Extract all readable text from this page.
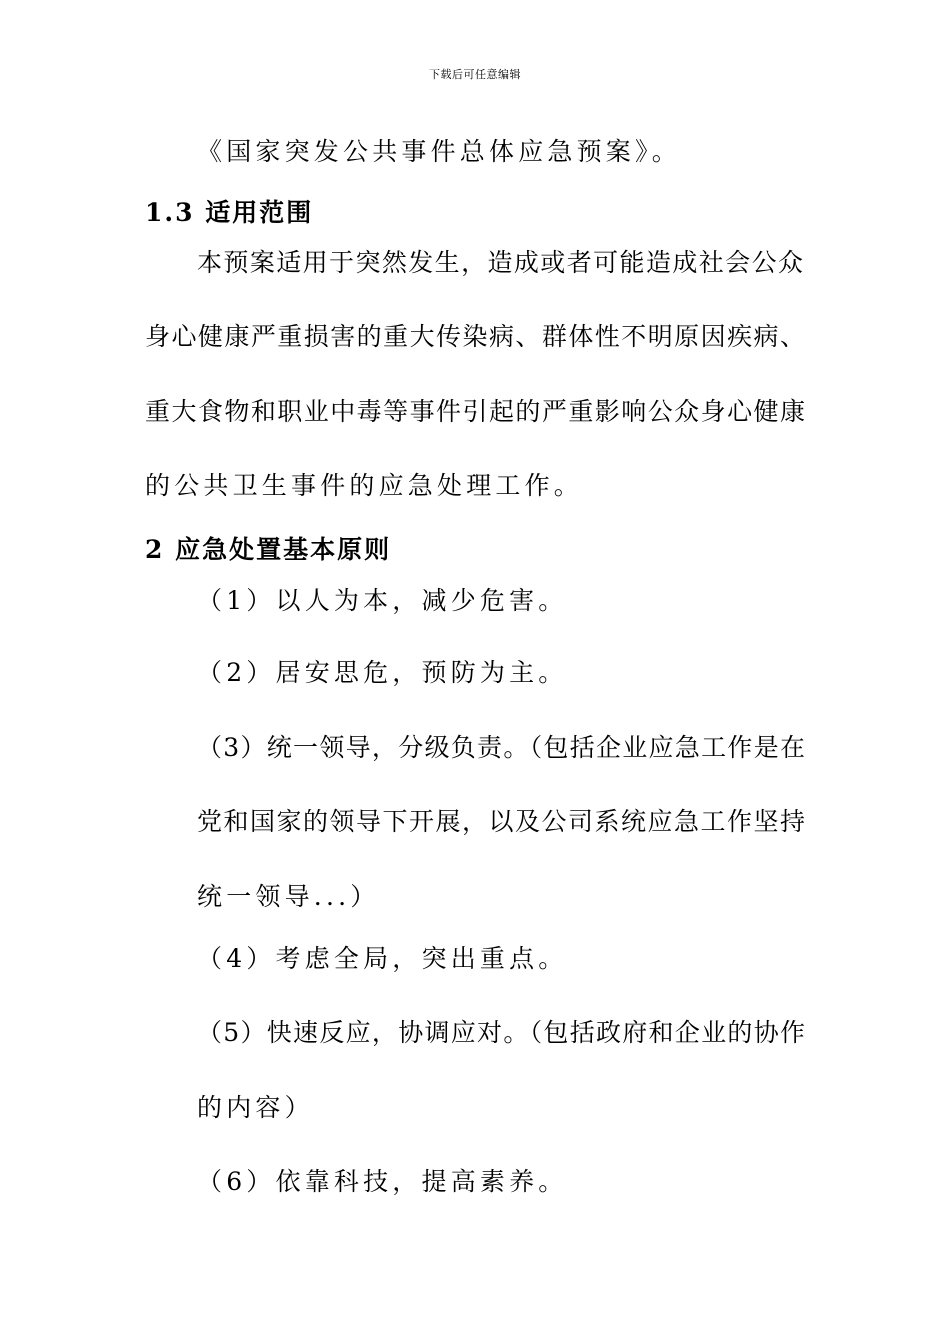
下载后可任意编辑
《国家突发公共事件总体应急预案》。
1.3 适用范围
本预案适用于突然发生，造成或者可能造成社会公众
身心健康严重损害的重大传染病、群体性不明原因疾病、
重大食物和职业中毒等事件引起的严重影响公众身心健康
的公共卫生事件的应急处理工作。
2 应急处置基本原则
（1）以人为本，减少危害。
（2）居安思危，预防为主。
（3）统一领导，分级负责。（包括企业应急工作是在
党和国家的领导下开展，以及公司系统应急工作坚持
统一领导...）
（4）考虑全局，突出重点。
（5）快速反应，协调应对。（包括政府和企业的协作
的内容）
（6）依靠科技，提高素养。
